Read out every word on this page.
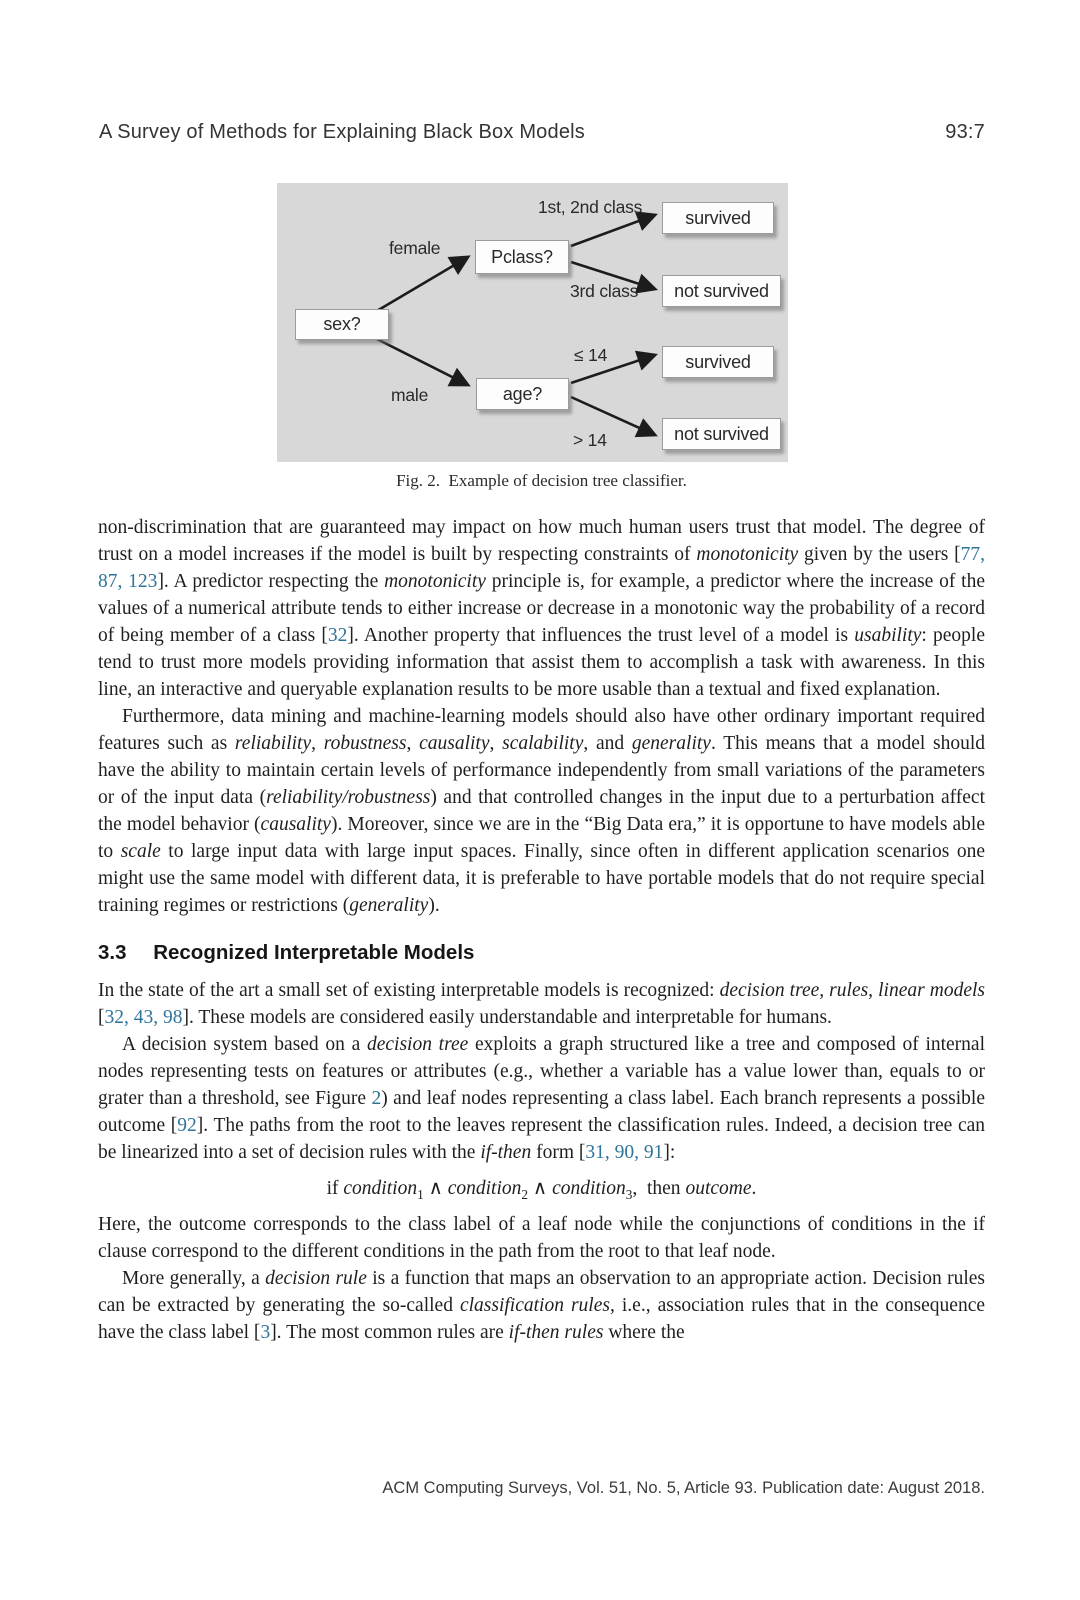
A Survey of Methods for Explaining Black Box Models	93:7
sex?
Pclass?
age?
survived
not survived
survived
not survived
female
male
1st, 2nd class
3rd class
≤ 14
> 14
Fig. 2.  Example of decision tree classifier.

non-discrimination that are guaranteed may impact on how much human users trust that model. The degree of trust on a model increases if the model is built by respecting constraints of monotonicity given by the users [77, 87, 123]. A predictor respecting the monotonicity principle is, for example, a predictor where the increase of the values of a numerical attribute tends to either increase or decrease in a monotonic way the probability of a record of being member of a class [32]. Another property that influences the trust level of a model is usability: people tend to trust more models providing information that assist them to accomplish a task with awareness. In this line, an interactive and queryable explanation results to be more usable than a textual and fixed explanation.

Furthermore, data mining and machine-learning models should also have other ordinary important required features such as reliability, robustness, causality, scalability, and generality. This means that a model should have the ability to maintain certain levels of performance independently from small variations of the parameters or of the input data (reliability/robustness) and that controlled changes in the input due to a perturbation affect the model behavior (causality). Moreover, since we are in the “Big Data era,” it is opportune to have models able to scale to large input data with large input spaces. Finally, since often in different application scenarios one might use the same model with different data, it is preferable to have portable models that do not require special training regimes or restrictions (generality).

3.3 Recognized Interpretable Models

In the state of the art a small set of existing interpretable models is recognized: decision tree, rules, linear models [32, 43, 98]. These models are considered easily understandable and interpretable for humans.

A decision system based on a decision tree exploits a graph structured like a tree and composed of internal nodes representing tests on features or attributes (e.g., whether a variable has a value lower than, equals to or grater than a threshold, see Figure 2) and leaf nodes representing a class label. Each branch represents a possible outcome [92]. The paths from the root to the leaves represent the classification rules. Indeed, a decision tree can be linearized into a set of decision rules with the if-then form [31, 90, 91]:

if condition$_1$ ∧ condition$_2$ ∧ condition$_3$,  then outcome.

Here, the outcome corresponds to the class label of a leaf node while the conjunctions of conditions in the if clause correspond to the different conditions in the path from the root to that leaf node.

More generally, a decision rule is a function that maps an observation to an appropriate action. Decision rules can be extracted by generating the so-called classification rules, i.e., association rules that in the consequence have the class label [3]. The most common rules are if-then rules where the

ACM Computing Surveys, Vol. 51, No. 5, Article 93. Publication date: August 2018.
